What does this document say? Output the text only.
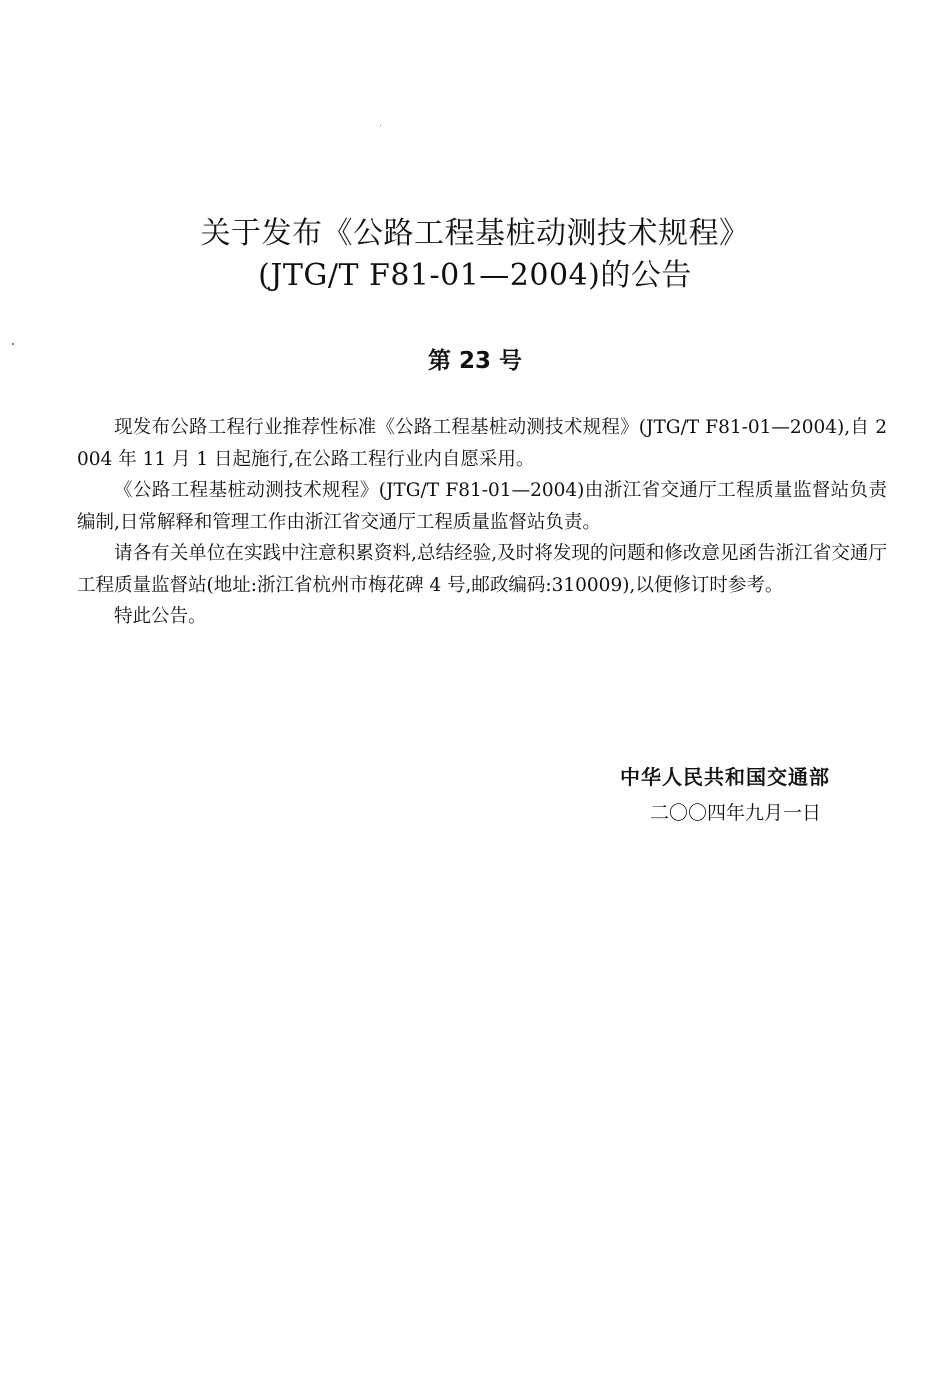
关于发布《公路工程基桩动测技术规程》
(JTG/T F81-01—2004)的公告
第 23 号

现发布公路工程行业推荐性标准《公路工程基桩动测技术规程》(JTG/T F81-01—2004),自 2004 年 11 月 1 日起施行,在公路工程行业内自愿采用。

《公路工程基桩动测技术规程》(JTG/T F81-01—2004)由浙江省交通厅工程质量监督站负责编制,日常解释和管理工作由浙江省交通厅工程质量监督站负责。

请各有关单位在实践中注意积累资料,总结经验,及时将发现的问题和修改意见函告浙江省交通厅工程质量监督站(地址:浙江省杭州市梅花碑 4 号,邮政编码:310009),以便修订时参考。

特此公告。

中华人民共和国交通部
二〇〇四年九月一日
